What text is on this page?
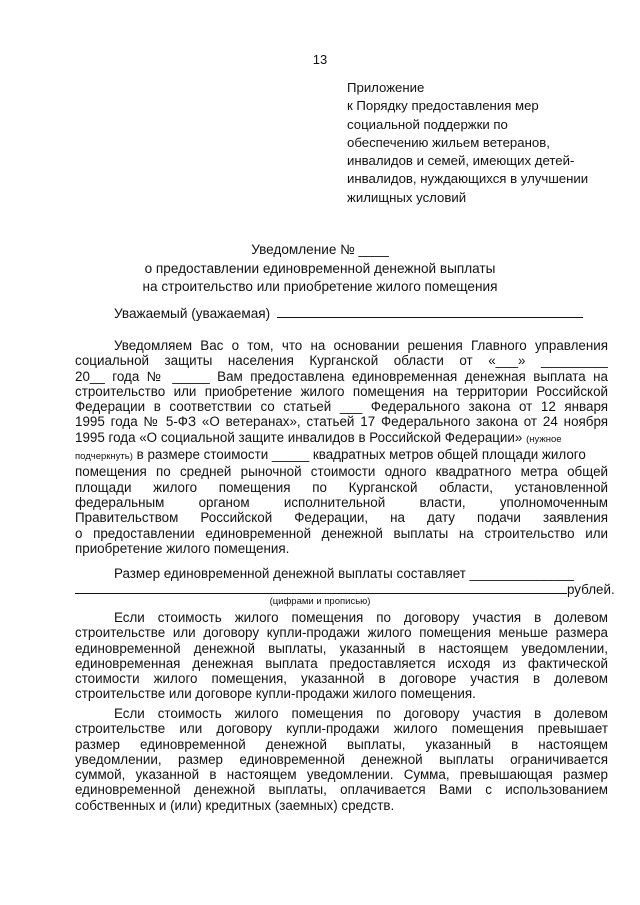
13
Приложение
к Порядку предоставления мер
социальной поддержки по
обеспечению жильем ветеранов,
инвалидов и семей, имеющих детей-
инвалидов, нуждающихся в улучшении
жилищных условий
Уведомление № ____
о предоставлении единовременной денежной выплаты
на строительство или приобретение жилого помещения
Уважаемый (уважаемая)
Уведомляем Вас о том, что на основании решения Главного управления
социальной защиты населения Курганской области от «___» _________
20__ года № _____ Вам предоставлена единовременная денежная выплата на
строительство или приобретение жилого помещения на территории Российской
Федерации в соответствии со статьей ___ Федерального закона от 12 января
1995 года № 5-ФЗ «О ветеранах», статьей 17 Федерального закона от 24 ноября
1995 года «О социальной защите инвалидов в Российской Федерации» (нужное
подчеркнуть) в размере стоимости _____ квадратных метров общей площади жилого
помещения по средней рыночной стоимости одного квадратного метра общей
площади жилого помещения по Курганской области, установленной
федеральным органом исполнительной власти, уполномоченным
Правительством Российской Федерации, на дату подачи заявления
о предоставлении единовременной денежной выплаты на строительство или
приобретение жилого помещения.
Размер единовременной денежной выплаты составляет ______________
рублей.
(цифрами и прописью)
Если стоимость жилого помещения по договору участия в долевом
строительстве или договору купли-продажи жилого помещения меньше размера
единовременной денежной выплаты, указанный в настоящем уведомлении,
единовременная денежная выплата предоставляется исходя из фактической
стоимости жилого помещения, указанной в договоре участия в долевом
строительстве или договоре купли-продажи жилого помещения.
Если стоимость жилого помещения по договору участия в долевом
строительстве или договору купли-продажи жилого помещения превышает
размер единовременной денежной выплаты, указанный в настоящем
уведомлении, размер единовременной денежной выплаты ограничивается
суммой, указанной в настоящем уведомлении. Сумма, превышающая размер
единовременной денежной выплаты, оплачивается Вами с использованием
собственных и (или) кредитных (заемных) средств.
